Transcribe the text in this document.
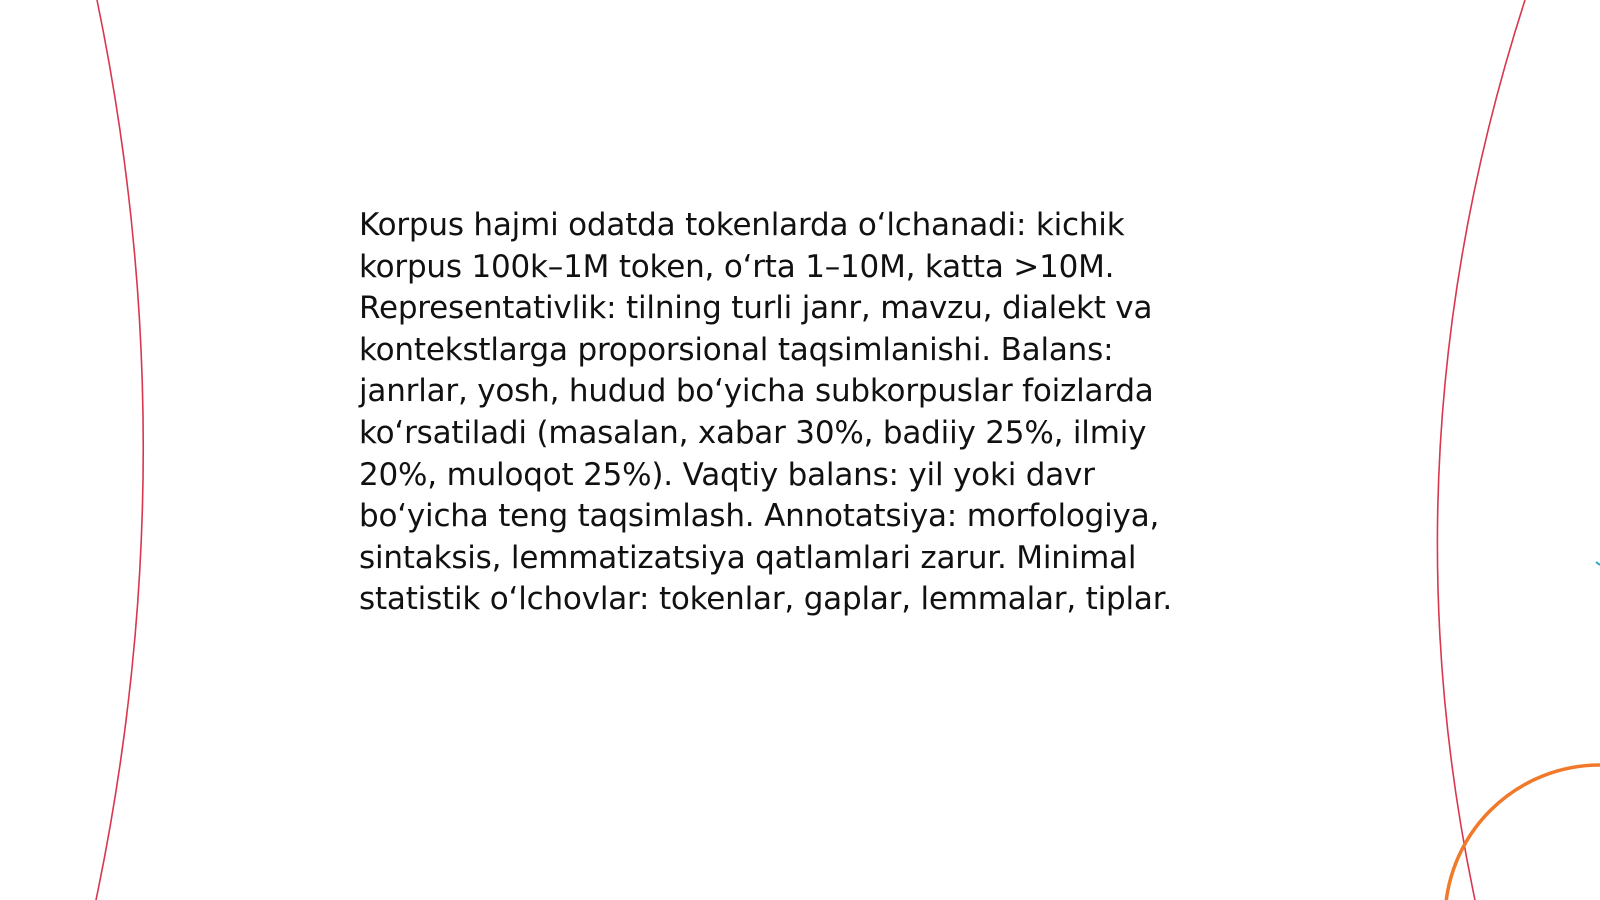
Korpus hajmi odatda tokenlarda o‘lchanadi: kichik korpus 100k–1M token, o‘rta 1–10M, katta >10M. Representativlik: tilning turli janr, mavzu, dialekt va kontekstlarga proporsional taqsimlanishi. Balans: janrlar, yosh, hudud bo‘yicha subkorpuslar foizlarda ko‘rsatiladi (masalan, xabar 30%, badiiy 25%, ilmiy 20%, muloqot 25%). Vaqtiy balans: yil yoki davr bo‘yicha teng taqsimlash. Annotatsiya: morfologiya, sintaksis, lemmatizatsiya qatlamlari zarur. Minimal statistik o‘lchovlar: tokenlar, gaplar, lemmalar, tiplar.
